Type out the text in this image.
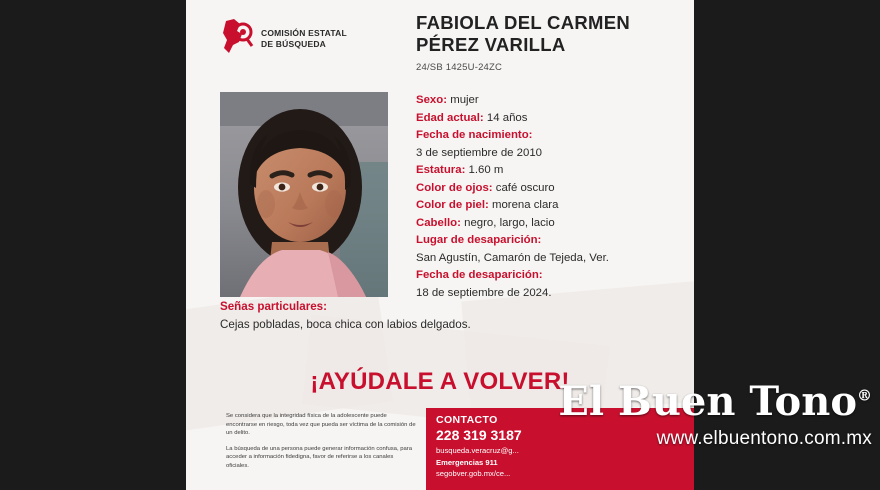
COMISIÓN ESTATAL
DE BÚSQUEDA
FABIOLA DEL CARMEN
PÉREZ VARILLA
24/SB 1425U-24ZC
Sexo: mujer
Edad actual: 14 años
Fecha de nacimiento:
3 de septiembre de 2010
Estatura: 1.60 m
Color de ojos: café oscuro
Color de piel: morena clara
Cabello: negro, largo, lacio
Lugar de desaparición:
San Agustín, Camarón de Tejeda, Ver.
Fecha de desaparición:
18 de septiembre de 2024.
Señas particulares:
Cejas pobladas, boca chica con labios delgados.
¡AYÚDALE A VOLVER!

Se considera que la integridad física de la adolescente puede encontrarse en riesgo, toda vez que pueda ser víctima de la comisión de un delito.

La búsqueda de una persona puede generar información confusa, para acceder a información fidedigna, favor de referirse a los canales oficiales.

CONTACTO
228 319 3187
busqueda.veracruz@g...
Emergencias 911
segobver.gob.mx/ce...
El Buen Tono®
www.elbuentono.com.mx
